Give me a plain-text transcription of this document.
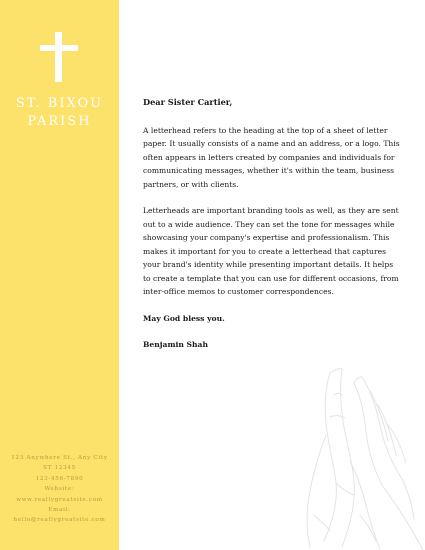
ST. BIXOU
PARISH
123 Anywhere St., Any City
ST 12345
123-456-7890
Website:
www.reallygreatsite.com
Email:
hello@reallygreatsite.com

Dear Sister Cartier,

A letterhead refers to the heading at the top of a sheet of letter paper. It usually consists of a name and an address, or a logo. This often appears in letters created by companies and individuals for communicating messages, whether it's within the team, business partners, or with clients.

Letterheads are important branding tools as well, as they are sent out to a wide audience. They can set the tone for messages while showcasing your company's expertise and professionalism. This makes it important for you to create a letterhead that captures your brand's identity while presenting important details. It helps to create a template that you can use for different occasions, from inter-office memos to customer correspondences.

May God bless you.

Benjamin Shah
